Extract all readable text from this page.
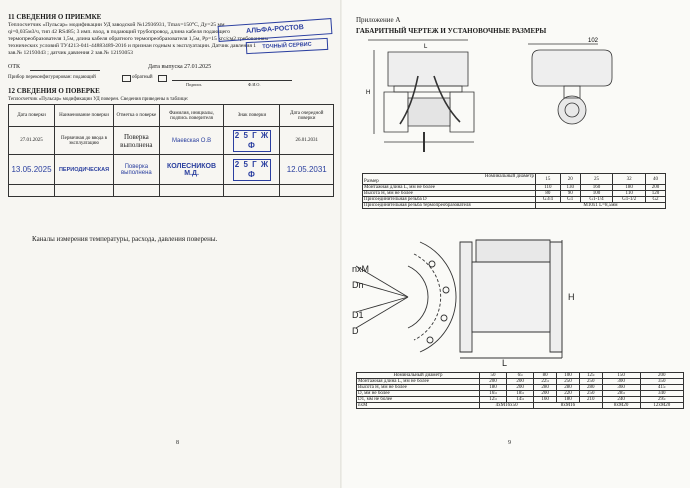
11 СВЕДЕНИЯ О ПРИЕМКЕ
Теплосчетчик «Пульсар» модификации УД заводской №12936931, Тmax=150°С, Ду=25 мм
qi=0,035м3/ч, тип 42 RS485; 3 имп. вход, в подающий трубопровод, длина кабеля подающего
термопреобразователя 1,5м, длина кабеля обратного термопреобразователя 1,5м, Рр=15 кгс/см2 требованиям
технических условий ТУ4213-041-44883489-2016 и признан годным к эксплуатации. Датчик давления 1
зав.№ 12193043 ; датчик давления 2 зав.№ 12193053
АЛЬФА-РОСТОВ
ТОЧНЫЙ СЕРВИС
ОТК	Дата выпуска 27.01.2025
Прибор переконфигурирован: подающий	обратный
Подпись	Ф.И.О.
12 СВЕДЕНИЯ О ПОВЕРКЕ
Теплосчетчик «Пульсар» модификации УД поверен. Сведения приведены в таблице:
Дата поверки	Наименование поверки	Отметка о поверке	Фамилия, инициалы, подпись поверителя	Знак поверки	Дата очередной поверки
27.01.2025	Первичная до ввода в эксплуатацию	Поверка выполнена	Маевская О.В	2 5 Г Ж Ф	26.01.2031
13.05.2025	ПЕРИОДИЧЕСКАЯ	Поверка выполнена	КОЛЕСНИКОВ М.Д.	2 5 Г Ж Ф	12.05.2031

Каналы измерения температуры, расхода, давления поверены.
8
Приложение А
ГАБАРИТНЫЙ ЧЕРТЕЖ И УСТАНОВОЧНЫЕ РАЗМЕРЫ
L
H
102
Номинальный диаметр	15	20	25	32	40
Размер					
Монтажная длина L, мм не более	110	130	160	180	200
Высота H, мм не более	80	90	100	110	120
Присоединительная резьба D	G3/4	G1	G1-1/4	G1-1/2	G2
Присоединительная резьба термопреобразователя	M10x1 L=8,5мм				
nxM
Dn
D1
D
L
H
Номинальный диаметр	50	65	80	100	125	150	200
Монтажная длина L, мм не более	200	200	225	250	250	300	350
Высота H, мм не более	180	200	280	280	280	360	415
D, мм не более	165	185	200	220	250	285	340
D1, мм не более	125	145	160	180	210	240	295
nxM	4xM16x50		8xM16			8xM20	12xM20
9
